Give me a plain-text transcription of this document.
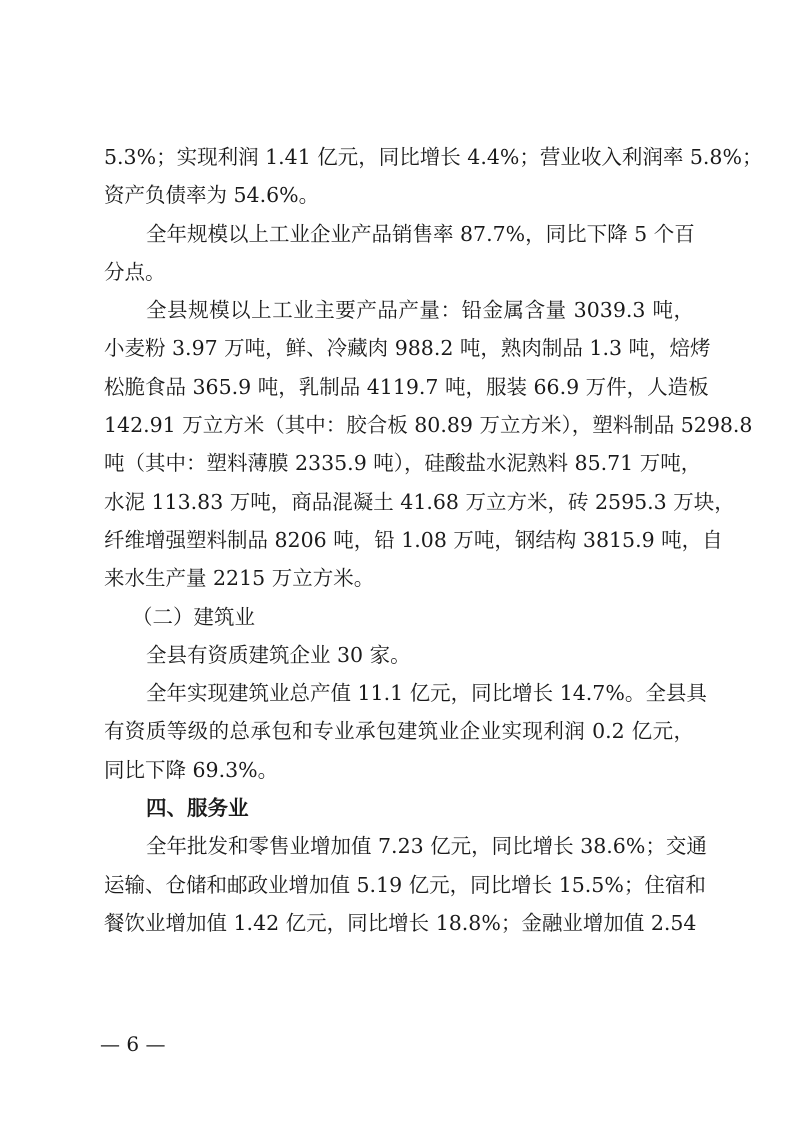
5.3%；实现利润 1.41 亿元，同比增长 4.4%；营业收入利润率 5.8%；
资产负债率为 54.6%。
全年规模以上工业企业产品销售率 87.7%，同比下降 5 个百
分点。
全县规模以上工业主要产品产量：铅金属含量 3039.3 吨，
小麦粉 3.97 万吨，鲜、冷藏肉 988.2 吨，熟肉制品 1.3 吨，焙烤
松脆食品 365.9 吨，乳制品 4119.7 吨，服装 66.9 万件，人造板
142.91 万立方米（其中：胶合板 80.89 万立方米），塑料制品 5298.8
吨（其中：塑料薄膜 2335.9 吨），硅酸盐水泥熟料 85.71 万吨，
水泥 113.83 万吨，商品混凝土 41.68 万立方米，砖 2595.3 万块，
纤维增强塑料制品 8206 吨，铅 1.08 万吨，钢结构 3815.9 吨，自
来水生产量 2215 万立方米。
（二）建筑业
全县有资质建筑企业 30 家。
全年实现建筑业总产值 11.1 亿元，同比增长 14.7%。全县具
有资质等级的总承包和专业承包建筑业企业实现利润 0.2 亿元，
同比下降 69.3%。
四、服务业
全年批发和零售业增加值 7.23 亿元，同比增长 38.6%；交通
运输、仓储和邮政业增加值 5.19 亿元，同比增长 15.5%；住宿和
餐饮业增加值 1.42 亿元，同比增长 18.8%；金融业增加值 2.54
— 6 —
